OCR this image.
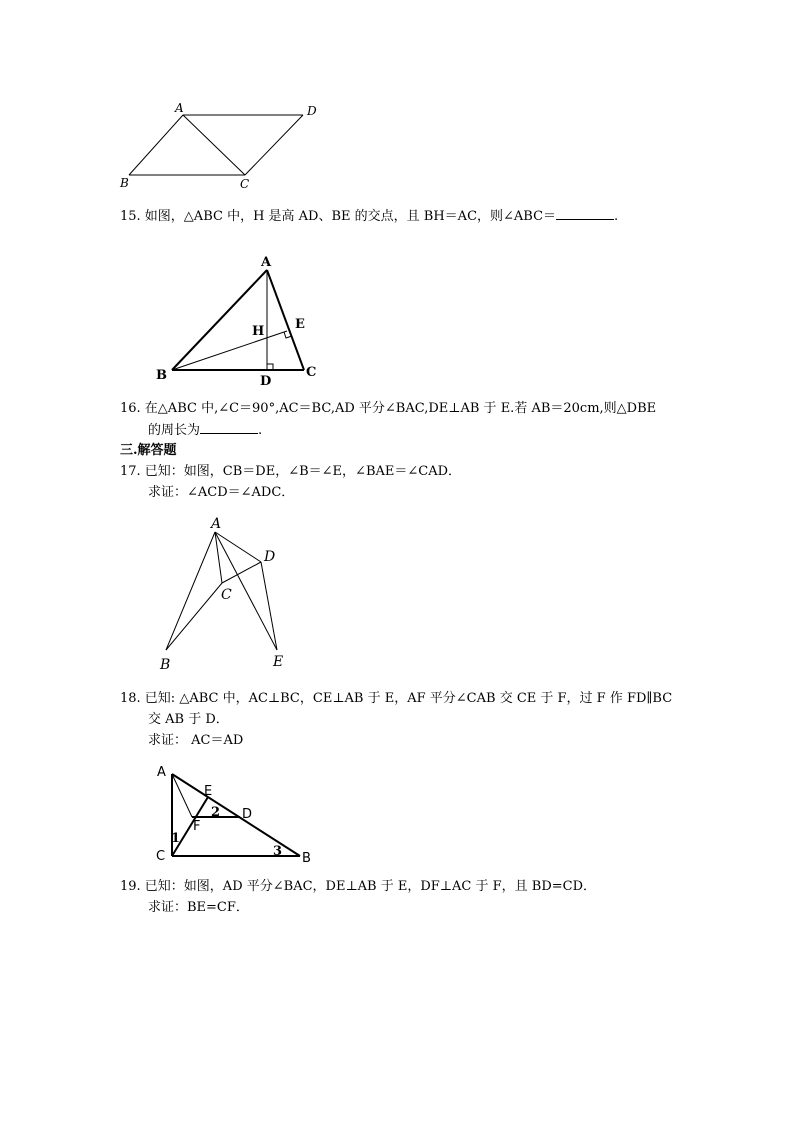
A	D
B	C
15. 如图，△ABC 中，H 是高 AD、BE 的交点，且 BH＝AC，则∠ABC＝	.
A
H E
B	D
C
16. 在△ABC 中,∠C＝90°,AC＝BC,AD 平分∠BAC,DE⊥AB 于 E.若 AB＝20cm,则△DBE
的周长为	.
三.解答题
17. 已知：如图，CB＝DE，∠B＝∠E，∠BAE＝∠CAD．
求证：∠ACD＝∠ADC．
A
D
C
B	E
18. 已知: △ABC 中，AC⊥BC，CE⊥AB 于 E，AF 平分∠CAB 交 CE 于 F，过 F 作 FD∥BC
交 AB 于 D．
求证： AC＝AD
A
E
F
D
C	B
1
2
3
19. 已知：如图，AD 平分∠BAC，DE⊥AB 于 E，DF⊥AC 于 F，且 BD=CD．
求证：BE=CF．
